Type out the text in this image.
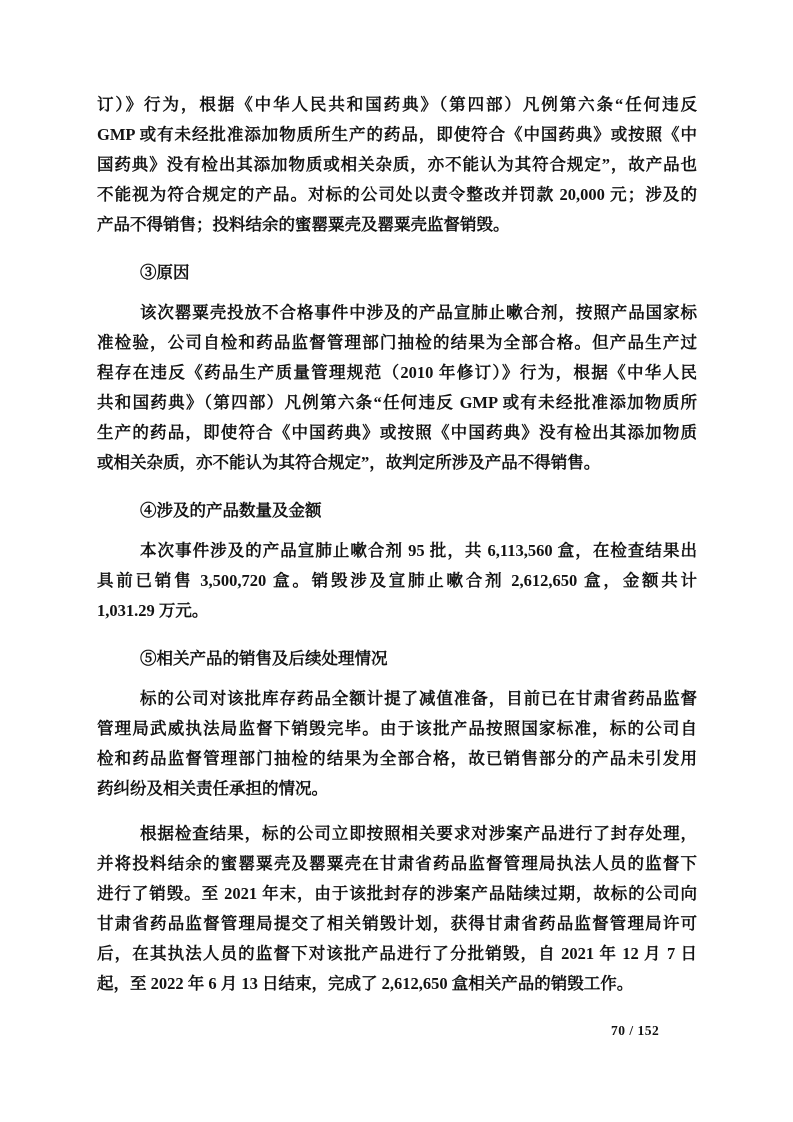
订）》行为，根据《中华人民共和国药典》（第四部）凡例第六条“任何违反
GMP 或有未经批准添加物质所生产的药品，即使符合《中国药典》或按照《中
国药典》没有检出其添加物质或相关杂质，亦不能认为其符合规定”，故产品也
不能视为符合规定的产品。对标的公司处以责令整改并罚款 20,000 元；涉及的
产品不得销售；投料结余的蜜罂粟壳及罂粟壳监督销毁。
③原因
该次罂粟壳投放不合格事件中涉及的产品宣肺止嗽合剂，按照产品国家标
准检验，公司自检和药品监督管理部门抽检的结果为全部合格。但产品生产过
程存在违反《药品生产质量管理规范（2010 年修订）》行为，根据《中华人民
共和国药典》（第四部）凡例第六条“任何违反 GMP 或有未经批准添加物质所
生产的药品，即使符合《中国药典》或按照《中国药典》没有检出其添加物质
或相关杂质，亦不能认为其符合规定”，故判定所涉及产品不得销售。
④涉及的产品数量及金额
本次事件涉及的产品宣肺止嗽合剂 95 批，共 6,113,560 盒，在检查结果出
具前已销售 3,500,720 盒。销毁涉及宣肺止嗽合剂 2,612,650 盒，金额共计
1,031.29 万元。
⑤相关产品的销售及后续处理情况
标的公司对该批库存药品全额计提了减值准备，目前已在甘肃省药品监督
管理局武威执法局监督下销毁完毕。由于该批产品按照国家标准，标的公司自
检和药品监督管理部门抽检的结果为全部合格，故已销售部分的产品未引发用
药纠纷及相关责任承担的情况。
根据检查结果，标的公司立即按照相关要求对涉案产品进行了封存处理，
并将投料结余的蜜罂粟壳及罂粟壳在甘肃省药品监督管理局执法人员的监督下
进行了销毁。至 2021 年末，由于该批封存的涉案产品陆续过期，故标的公司向
甘肃省药品监督管理局提交了相关销毁计划，获得甘肃省药品监督管理局许可
后，在其执法人员的监督下对该批产品进行了分批销毁，自 2021 年 12 月 7 日
起，至 2022 年 6 月 13 日结束，完成了 2,612,650 盒相关产品的销毁工作。
70 / 152
